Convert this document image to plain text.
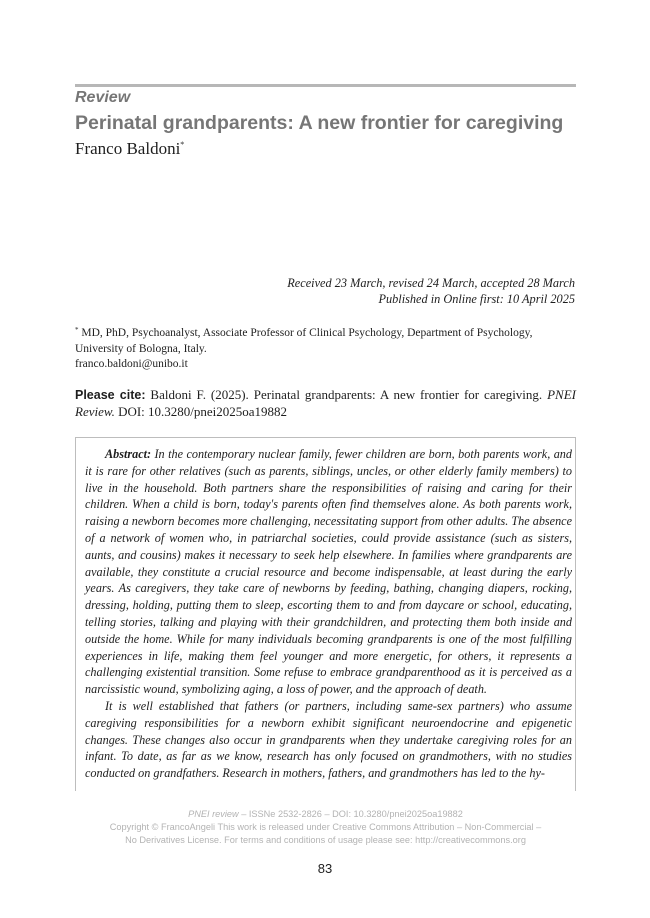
Review
Perinatal grandparents: A new frontier for caregiving
Franco Baldoni*
Received 23 March, revised 24 March, accepted 28 March
Published in Online first: 10 April 2025
* MD, PhD, Psychoanalyst, Associate Professor of Clinical Psychology, Department of Psychology, University of Bologna, Italy.
franco.baldoni@unibo.it
Please cite: Baldoni F. (2025). Perinatal grandparents: A new frontier for caregiving. PNEI Review. DOI: 10.3280/pnei2025oa19882

Abstract: In the contemporary nuclear family, fewer children are born, both parents work, and it is rare for other relatives (such as parents, siblings, uncles, or other elderly family members) to live in the household. Both partners share the responsibilities of raising and caring for their children. When a child is born, today's parents often find themselves alone. As both parents work, raising a newborn becomes more challenging, necessitating support from other adults. The absence of a network of women who, in patriarchal societies, could provide assistance (such as sisters, aunts, and cousins) makes it necessary to seek help elsewhere. In families where grandparents are available, they constitute a crucial resource and become indispensable, at least during the early years. As caregivers, they take care of newborns by feeding, bathing, changing diapers, rocking, dressing, holding, putting them to sleep, escorting them to and from daycare or school, educating, telling stories, talking and playing with their grandchildren, and protecting them both inside and outside the home. While for many individuals becoming grandparents is one of the most fulfilling experiences in life, making them feel younger and more energetic, for others, it represents a challenging existential transition. Some refuse to embrace grandparenthood as it is perceived as a narcissistic wound, symbolizing aging, a loss of power, and the approach of death.

It is well established that fathers (or partners, including same-sex partners) who assume caregiving responsibilities for a newborn exhibit significant neuroendocrine and epigenetic changes. These changes also occur in grandparents when they undertake caregiving roles for an infant. To date, as far as we know, research has only focused on grandmothers, with no studies conducted on grandfathers. Research in mothers, fathers, and grandmothers has led to the hy-

PNEI review – ISSNe 2532-2826 – DOI: 10.3280/pnei2025oa19882
Copyright © FrancoAngeli This work is released under Creative Commons Attribution – Non-Commercial –
No Derivatives License. For terms and conditions of usage please see: http://creativecommons.org
83
